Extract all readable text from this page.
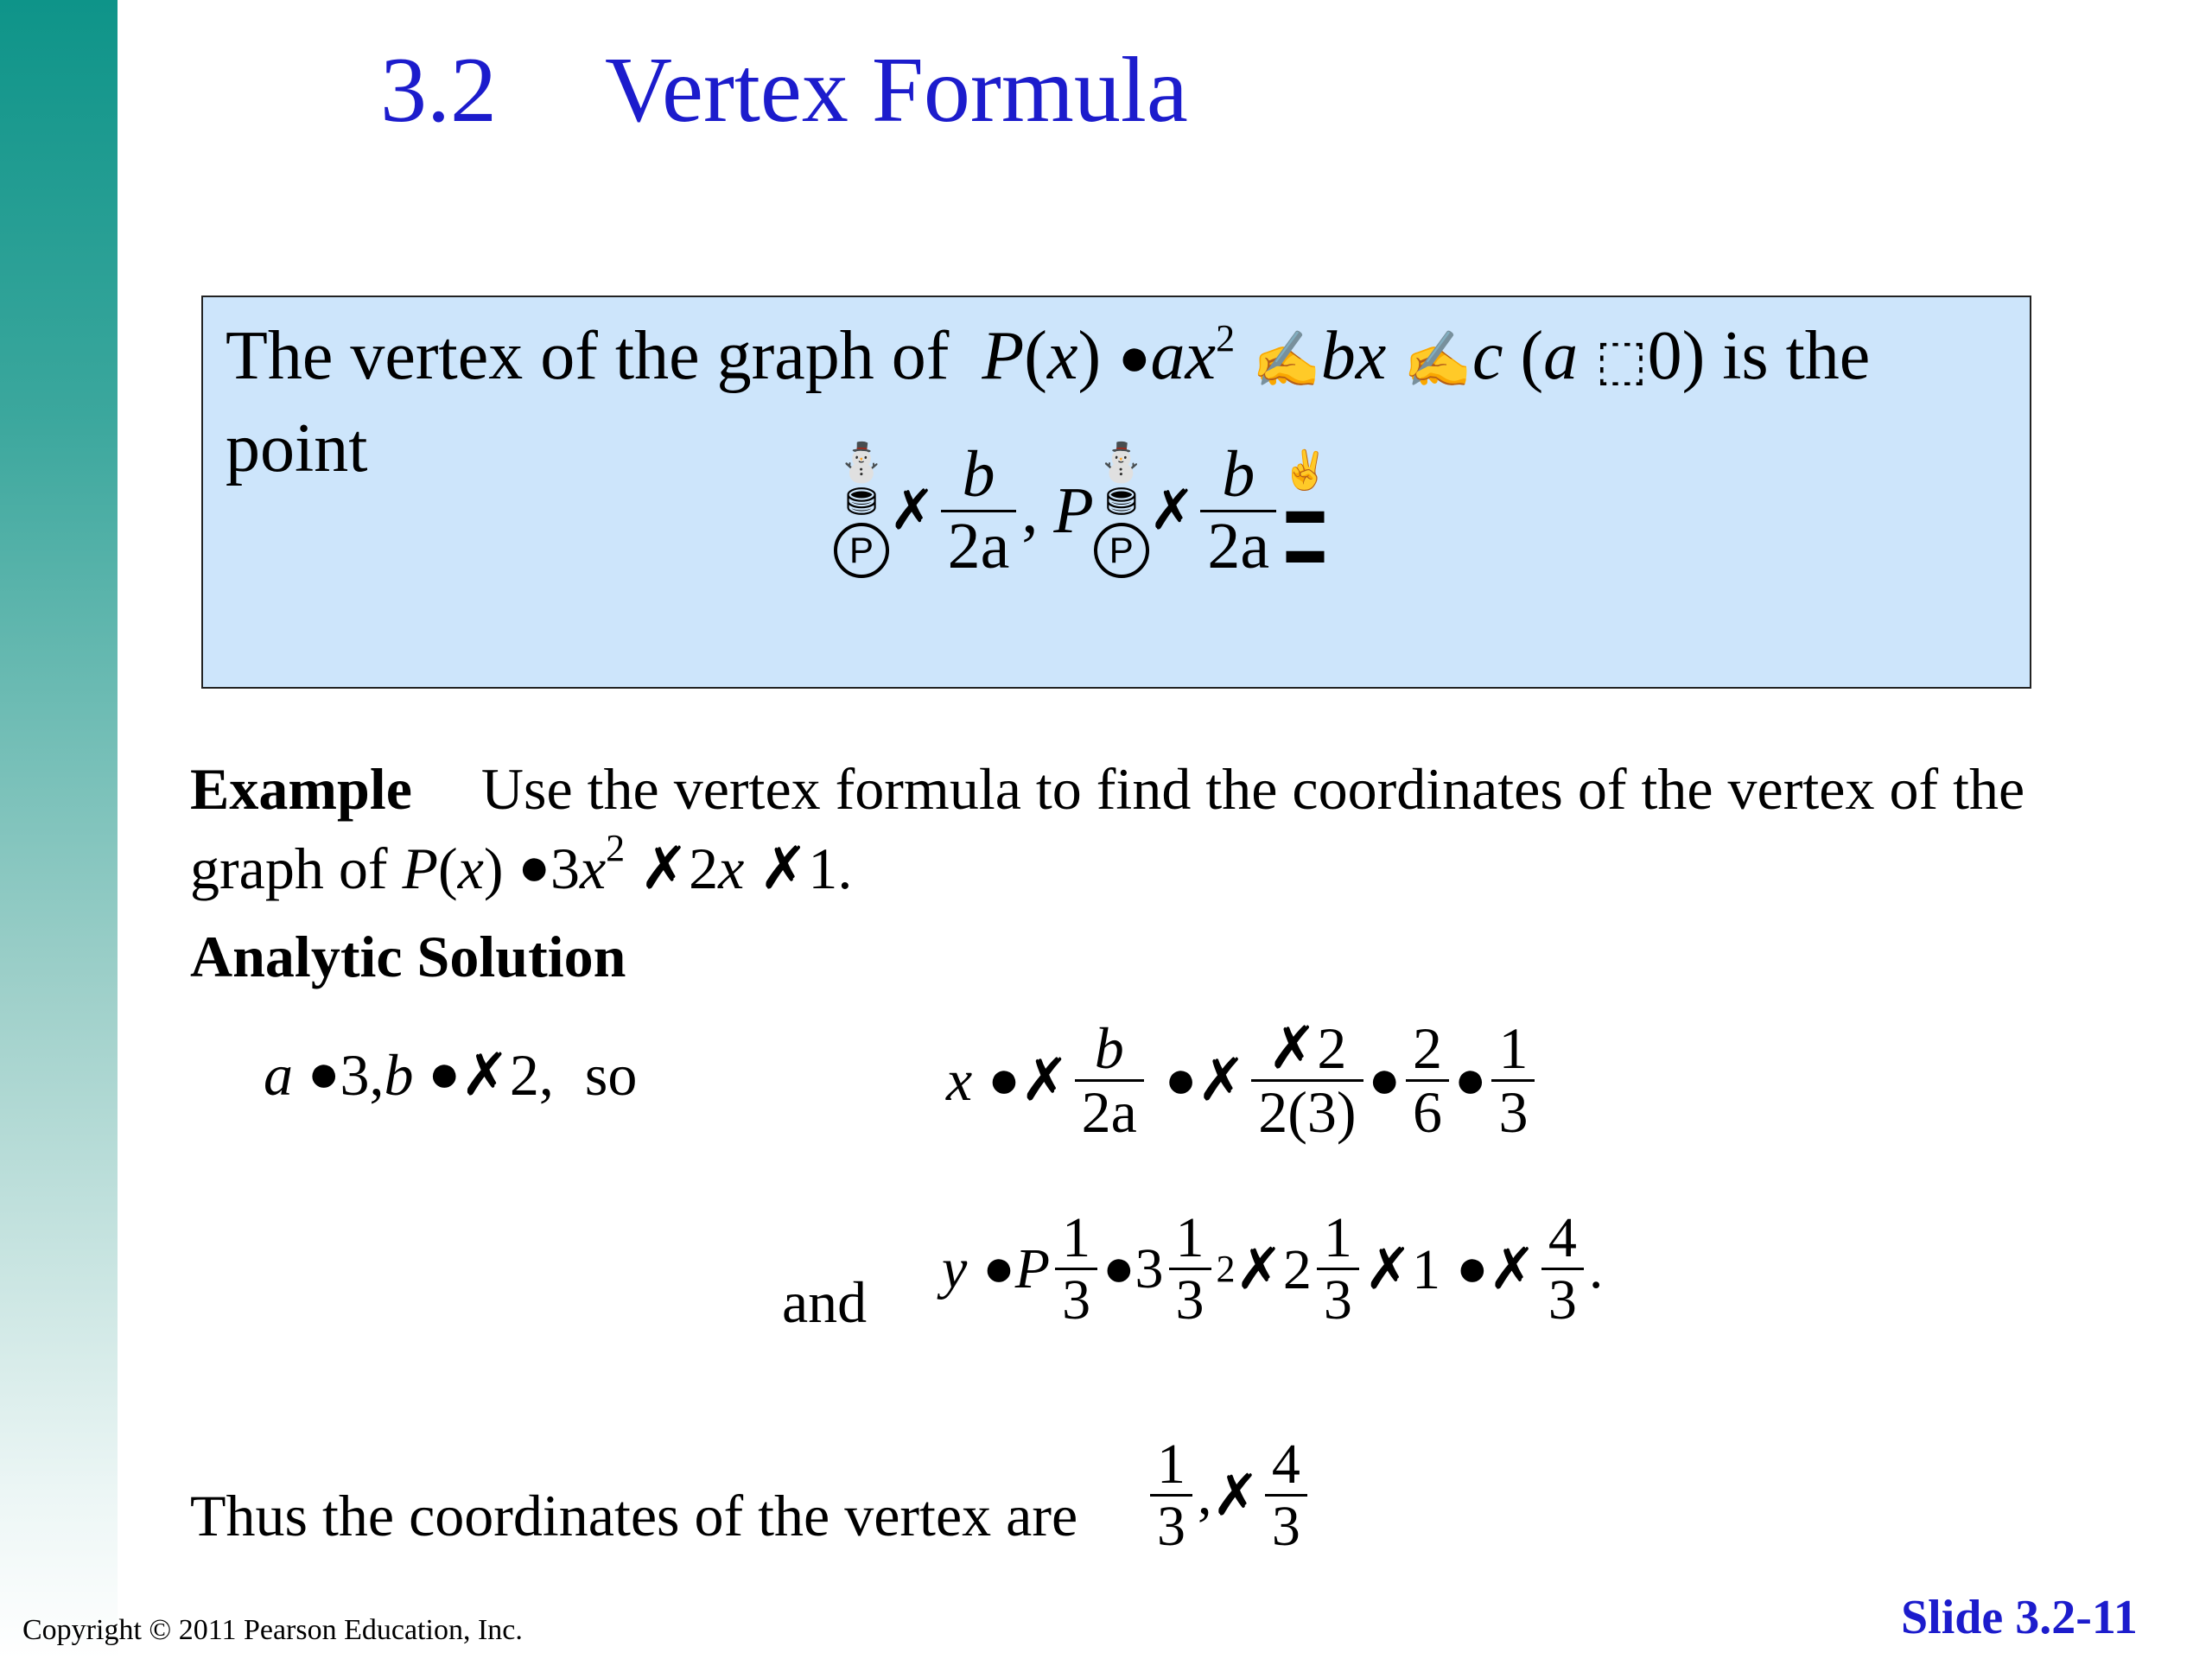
3.2 Vertex Formula
The vertex of the graph of P(x) $●ax^2$ ✍bx ✍c (a ⬚0) is the
point	⛄
⛃
P
✗ $\frac{b}{2a}$ , P
⛄
⛃
P
✗ $\frac{b}{2a}$ ✌
▬
▬
Example Use the vertex formula to find the coordinates of the vertex of the graph of P(x) $●3x^2$ ✗2x ✗1.
Analytic Solution
a ●3,b ●✗2, so	x ● ✗ $\frac{b}{2a}$ ● ✗ $\frac{✗2}{2(3)}$ ● $\frac{2}{6}$ ● $\frac{1}{3}$
and
y ● P $\frac{1}{3}$ ● $3 \frac{1}{3} 2$ ✗2 $\frac{1}{3}$ ✗1 ● ✗ $\frac{4}{3}$ .
Thus the coordinates of the vertex are $\frac{1}{3}$ , ✗ $\frac{4}{3}$
Copyright © 2011 Pearson Education, Inc.	Slide 3.2-11
